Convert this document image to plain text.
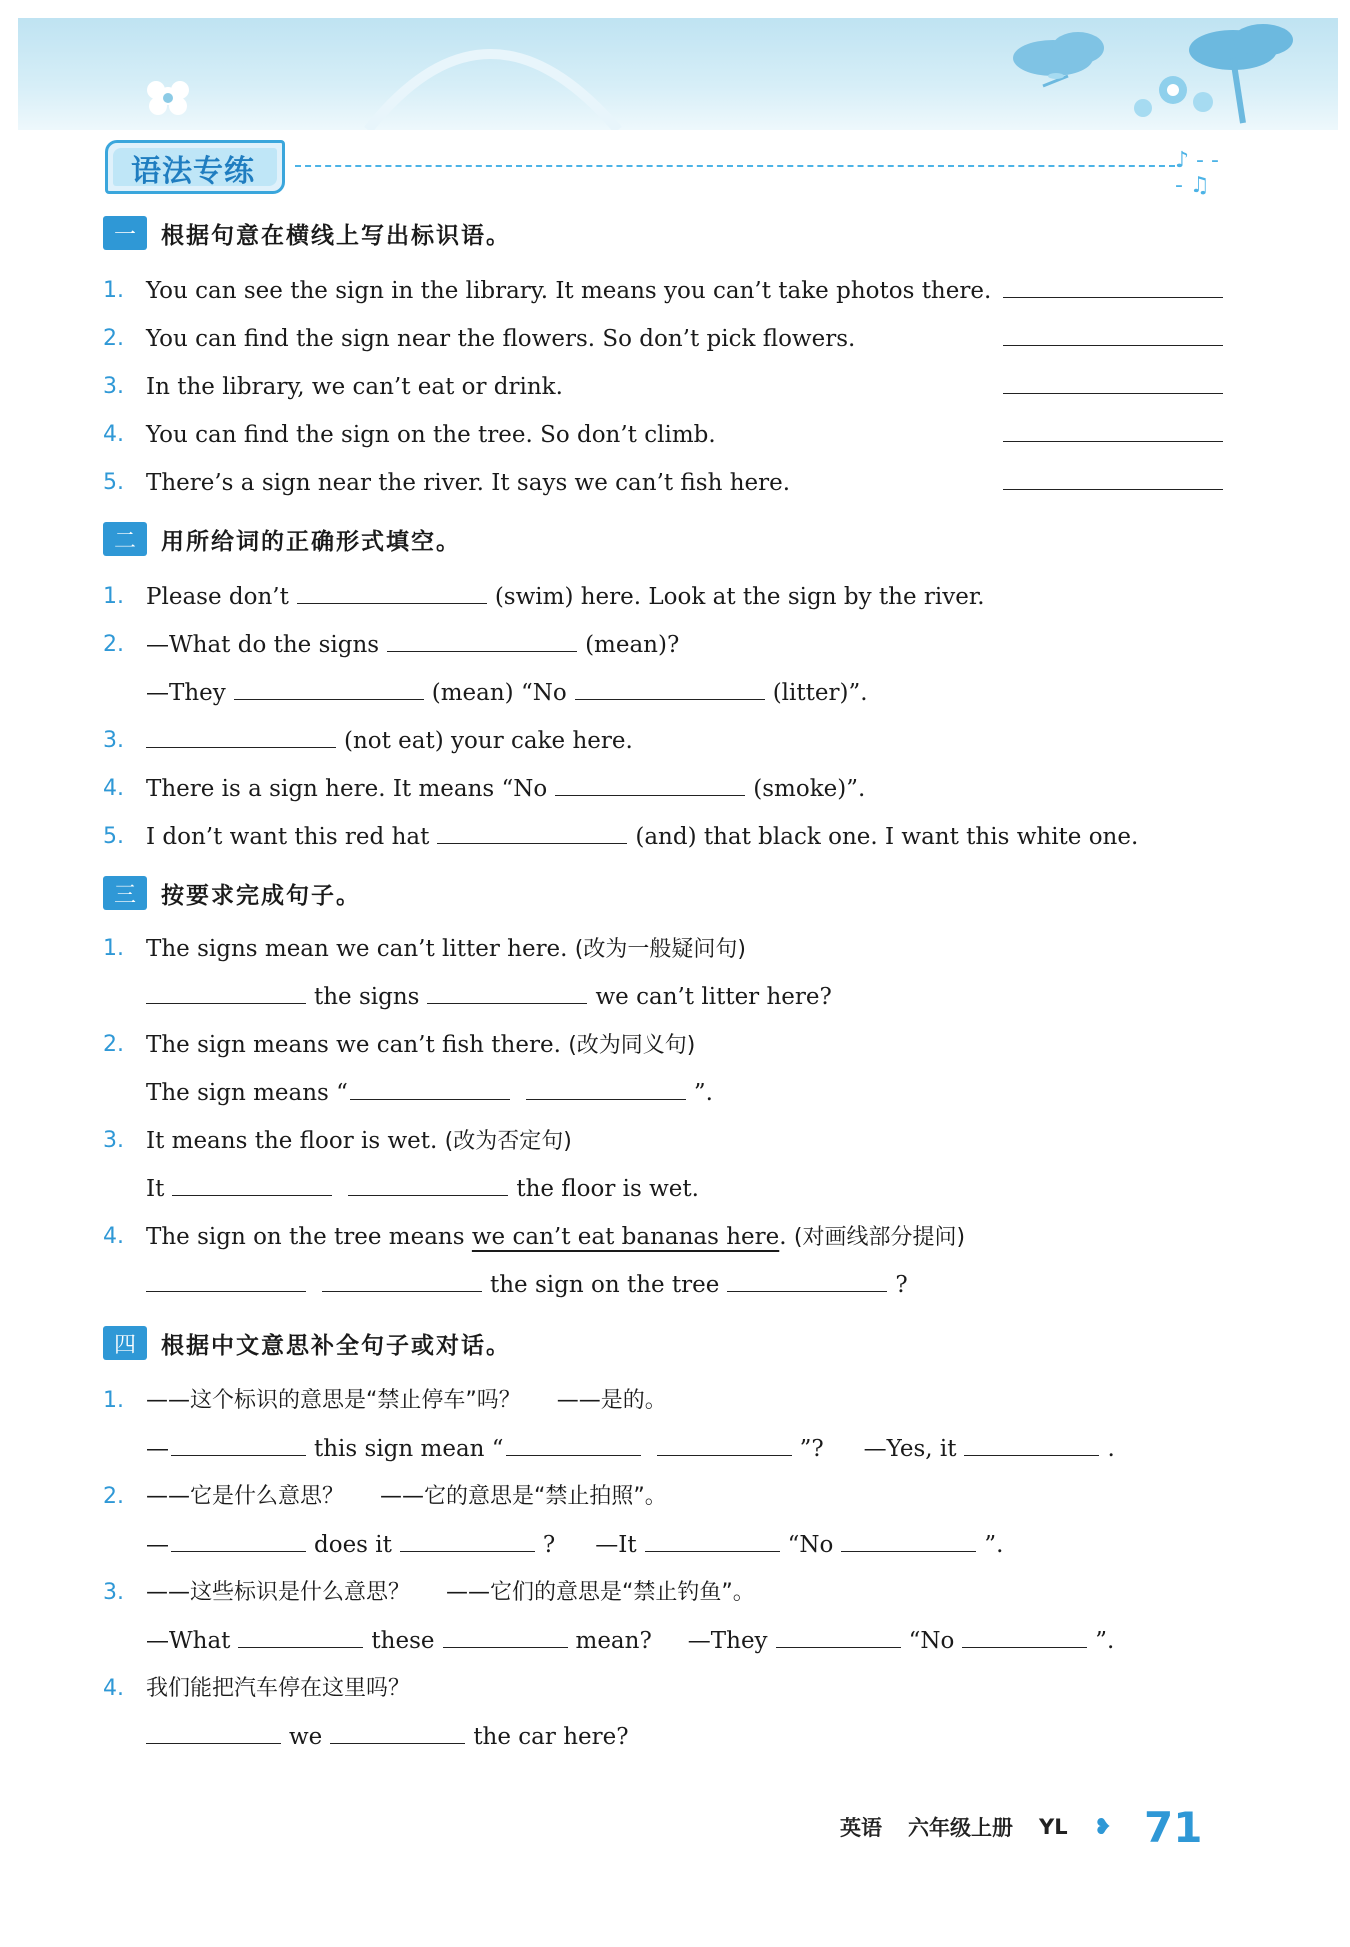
语法专练	♪ - - - ♫
一	根据句意在横线上写出标识语。
1. You can see the sign in the library. It means you can’t take photos there.
2. You can find the sign near the flowers. So don’t pick flowers.
3. In the library, we can’t eat or drink.
4. You can find the sign on the tree. So don’t climb.
5. There’s a sign near the river. It says we can’t fish here.
二	用所给词的正确形式填空。
1. Please don’t	(swim) here. Look at the sign by the river.
2. —What do the signs	(mean)?
—They	(mean) “No	(litter)”.
3.	(not eat) your cake here.
4. There is a sign here. It means “No	(smoke)”.
5. I don’t want this red hat	(and) that black one. I want this white one.
三	按要求完成句子。
1. The signs mean we can’t litter here. (改为一般疑问句)
the signs	we can’t litter here?
2. The sign means we can’t fish there. (改为同义句)
The sign means “	”.
3. It means the floor is wet. (改为否定句)
It	the floor is wet.
4. The sign on the tree means we can’t eat bananas here. (对画线部分提问)
the sign on the tree	?
四	根据中文意思补全句子或对话。
1. ——这个标识的意思是“禁止停车”吗？ ——是的。
—	this sign mean “	”? —Yes, it	.
2. ——它是什么意思？ ——它的意思是“禁止拍照”。
—	does it	? —It	“No	”.
3. ——这些标识是什么意思？ ——它们的意思是“禁止钓鱼”。
—What	these	mean? —They	“No	”.
4. 我们能把汽车停在这里吗？
we	the car here?
英语 六年级上册 YL ❥ 71
